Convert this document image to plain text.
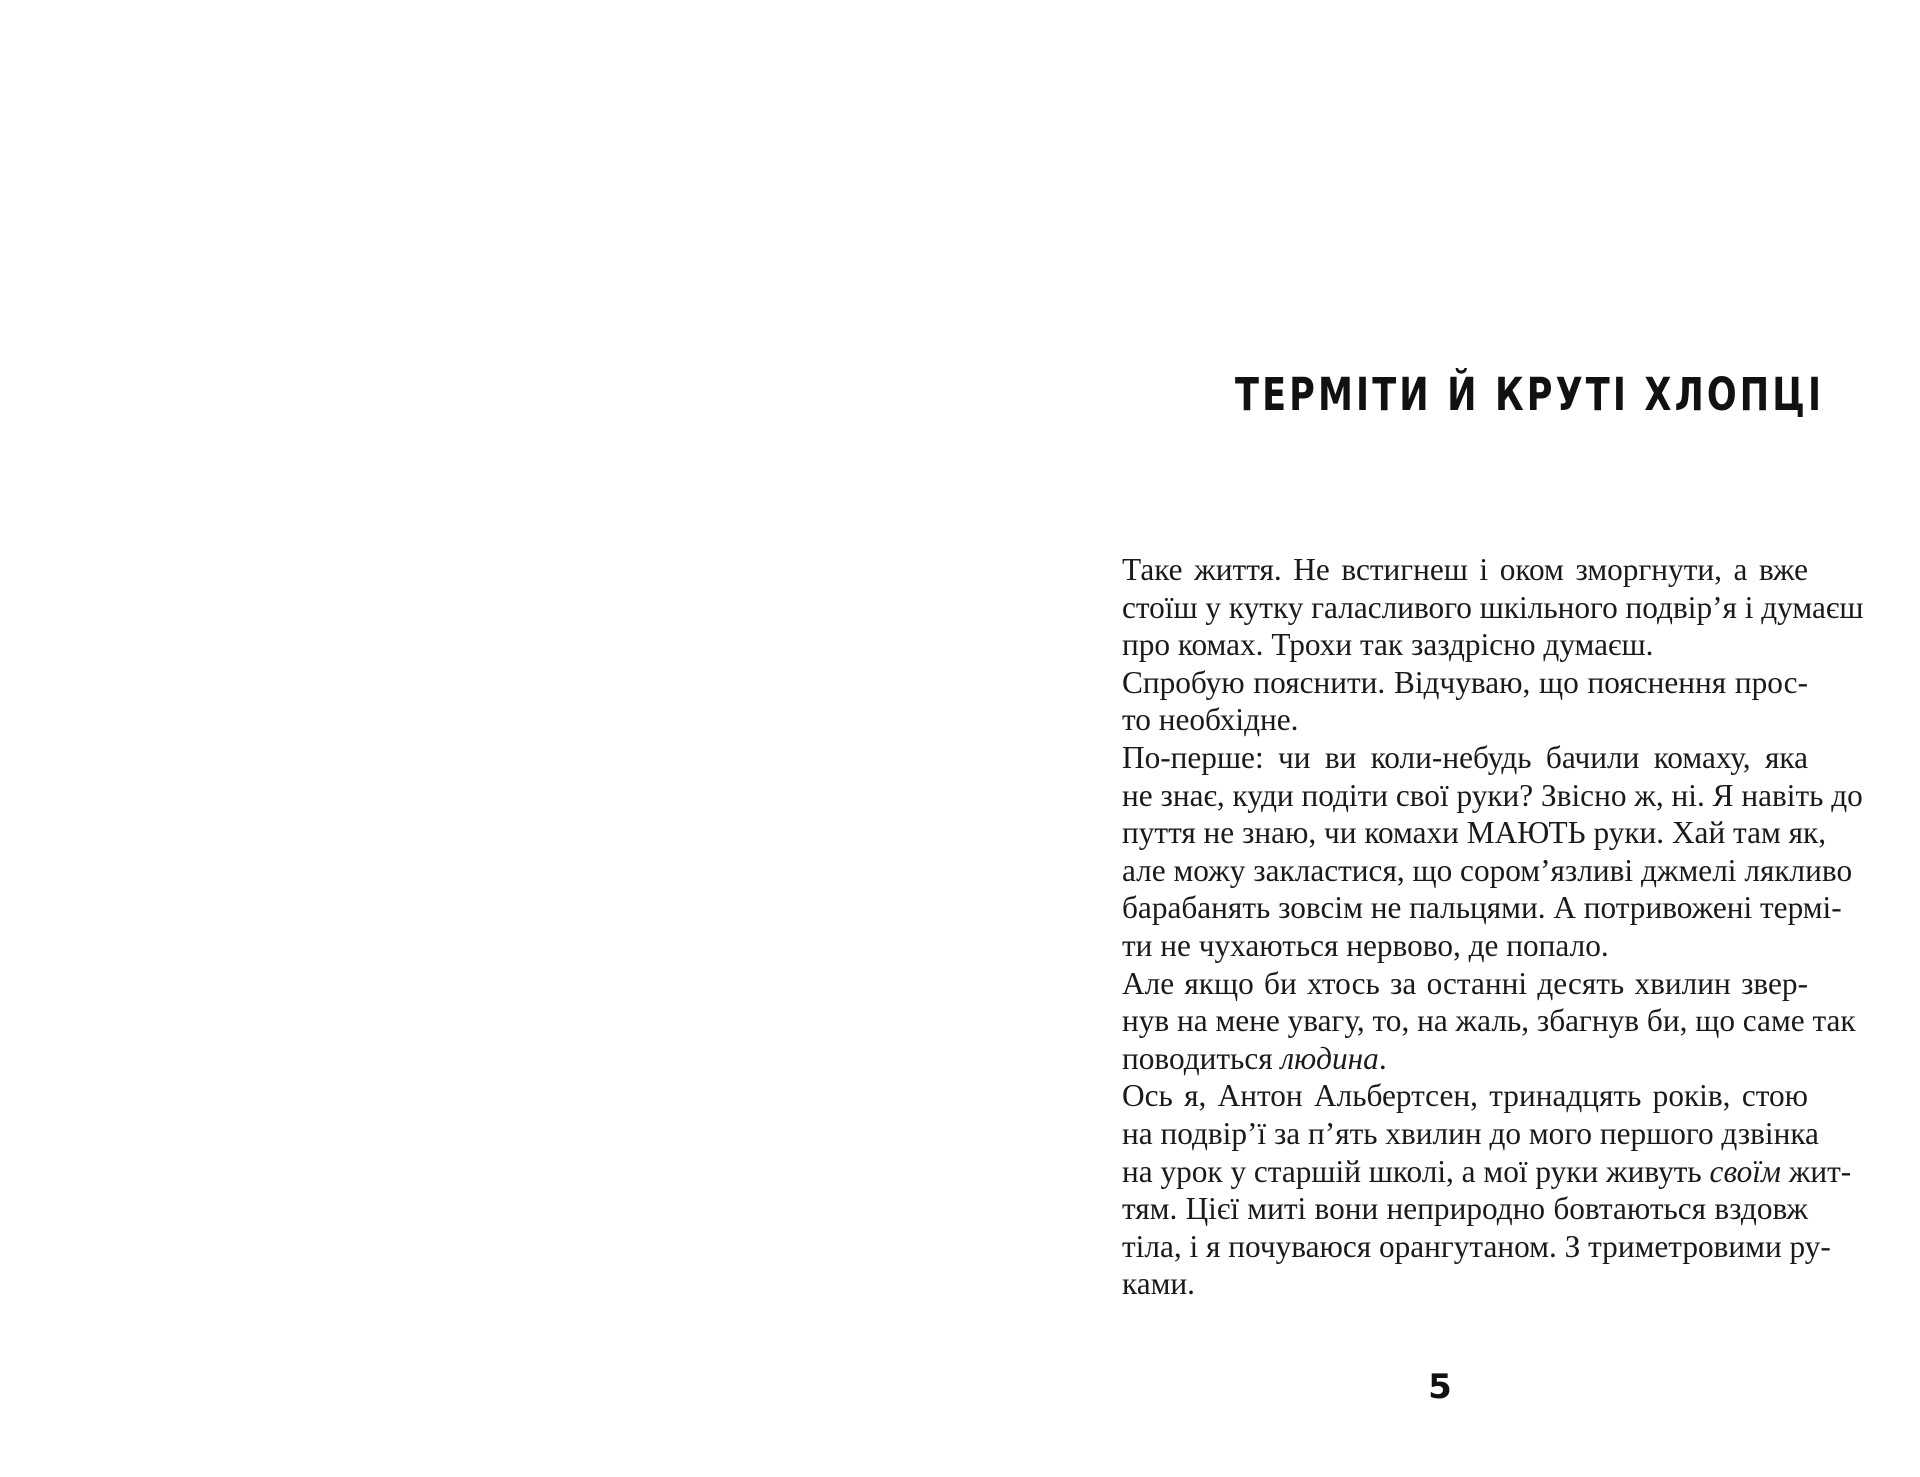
ТЕРМІТИ Й КРУТІ ХЛОПЦІ

Таке життя. Не встигнеш і оком зморгнути, а вже
стоїш у кутку галасливого шкільного подвір’я і думаєш
про комах. Трохи так заздрісно думаєш.

Спробую пояснити. Відчуваю, що пояснення прос-
то необхідне.

По-перше: чи ви коли-небудь бачили комаху, яка
не знає, куди подіти свої руки? Звісно ж, ні. Я навіть до
пуття не знаю, чи комахи МАЮТЬ руки. Хай там як,
але можу закластися, що сором’язливі джмелі лякливо
барабанять зовсім не пальцями. А потривожені термі-
ти не чухаються нервово, де попало.

Але якщо би хтось за останні десять хвилин звер-
нув на мене увагу, то, на жаль, збагнув би, що саме так
поводиться людина.

Ось я, Антон Альбертсен, тринадцять років, стою
на подвір’ї за п’ять хвилин до мого першого дзвінка
на урок у старшій школі, а мої руки живуть своїм жит-
тям. Цієї миті вони неприродно бовтаються вздовж
тіла, і я почуваюся орангутаном. З триметровими ру-
ками.

5
